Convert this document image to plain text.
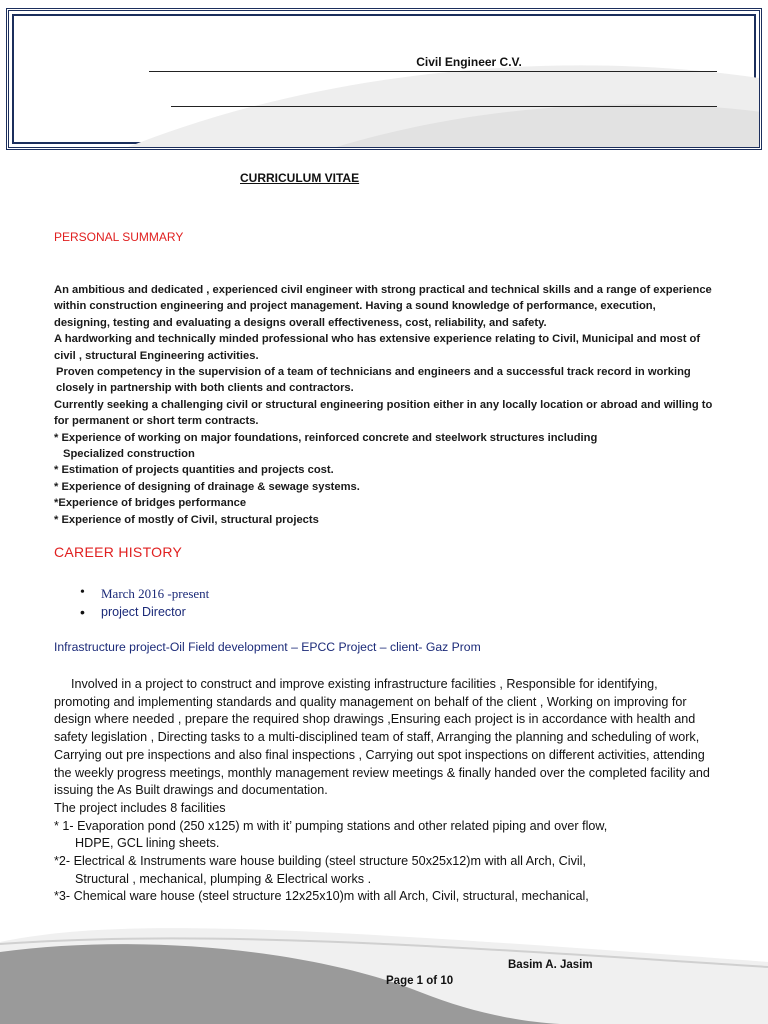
Civil Engineer C.V.
CURRICULUM VITAE
PERSONAL SUMMARY

An ambitious and dedicated , experienced civil engineer with strong practical and technical skills and a range of experience within construction engineering and project management. Having a sound knowledge of performance, execution, designing, testing and evaluating a designs overall effectiveness, cost, reliability, and safety.

A hardworking and technically minded professional who has extensive experience relating to Civil, Municipal and most of civil , structural Engineering activities.

Proven competency in the supervision of a team of technicians and engineers and a successful track record in working closely in partnership with both clients and contractors.

Currently seeking a challenging civil or structural engineering position either in any locally location or abroad and willing to for permanent or short term contracts.

* Experience of working on major foundations, reinforced concrete and steelwork structures including

Specialized construction

* Estimation of projects quantities and projects cost.

* Experience of designing of drainage & sewage systems.

*Experience of bridges performance

* Experience of mostly of Civil, structural projects

CAREER HISTORY
• March 2016 -present
• project Director
Infrastructure project-Oil Field development – EPCC Project – client- Gaz Prom

Involved in a project to construct and improve existing infrastructure facilities , Responsible for identifying, promoting and implementing standards and quality management on behalf of the client , Working on improving for design where needed , prepare the required shop drawings ,Ensuring each project is in accordance with health and safety legislation , Directing tasks to a multi-disciplined team of staff, Arranging the planning and scheduling of work, Carrying out pre inspections and also final inspections , Carrying out spot inspections on different activities, attending the weekly progress meetings, monthly management review meetings & finally handed over the completed facility and issuing the As Built drawings and documentation.

The project includes 8 facilities

* 1- Evaporation pond (250 x125) m with it’ pumping stations and other related piping and over flow,

HDPE, GCL lining sheets.

*2- Electrical & Instruments ware house building (steel structure 50x25x12)m with all Arch, Civil,

Structural , mechanical, plumping & Electrical works .

*3- Chemical ware house (steel structure 12x25x10)m with all Arch, Civil, structural, mechanical,

Basim A. Jasim
Page 1 of 10
